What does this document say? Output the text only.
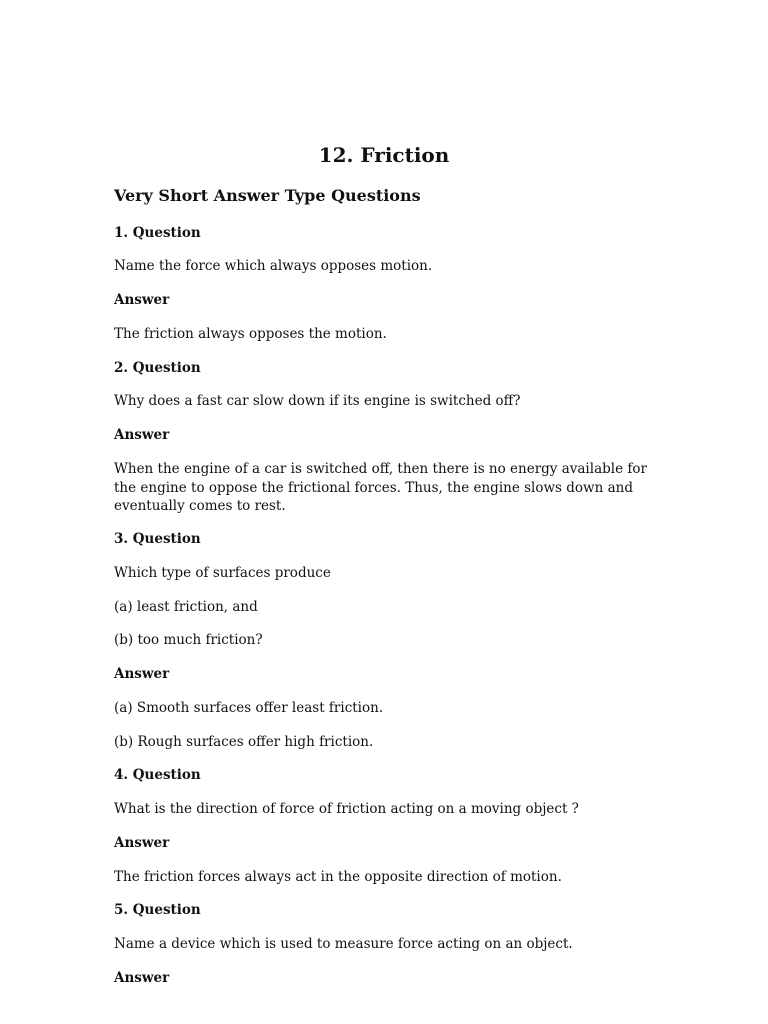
12. Friction
Very Short Answer Type Questions

1. Question

Name the force which always opposes motion.

Answer

The friction always opposes the motion.

2. Question

Why does a fast car slow down if its engine is switched off?

Answer

When the engine of a car is switched off, then there is no energy available for the engine to oppose the frictional forces. Thus, the engine slows down and eventually comes to rest.

3. Question

Which type of surfaces produce

(a) least friction, and

(b) too much friction?

Answer

(a) Smooth surfaces offer least friction.

(b) Rough surfaces offer high friction.

4. Question

What is the direction of force of friction acting on a moving object ?

Answer

The friction forces always act in the opposite direction of motion.

5. Question

Name a device which is used to measure force acting on an object.

Answer
